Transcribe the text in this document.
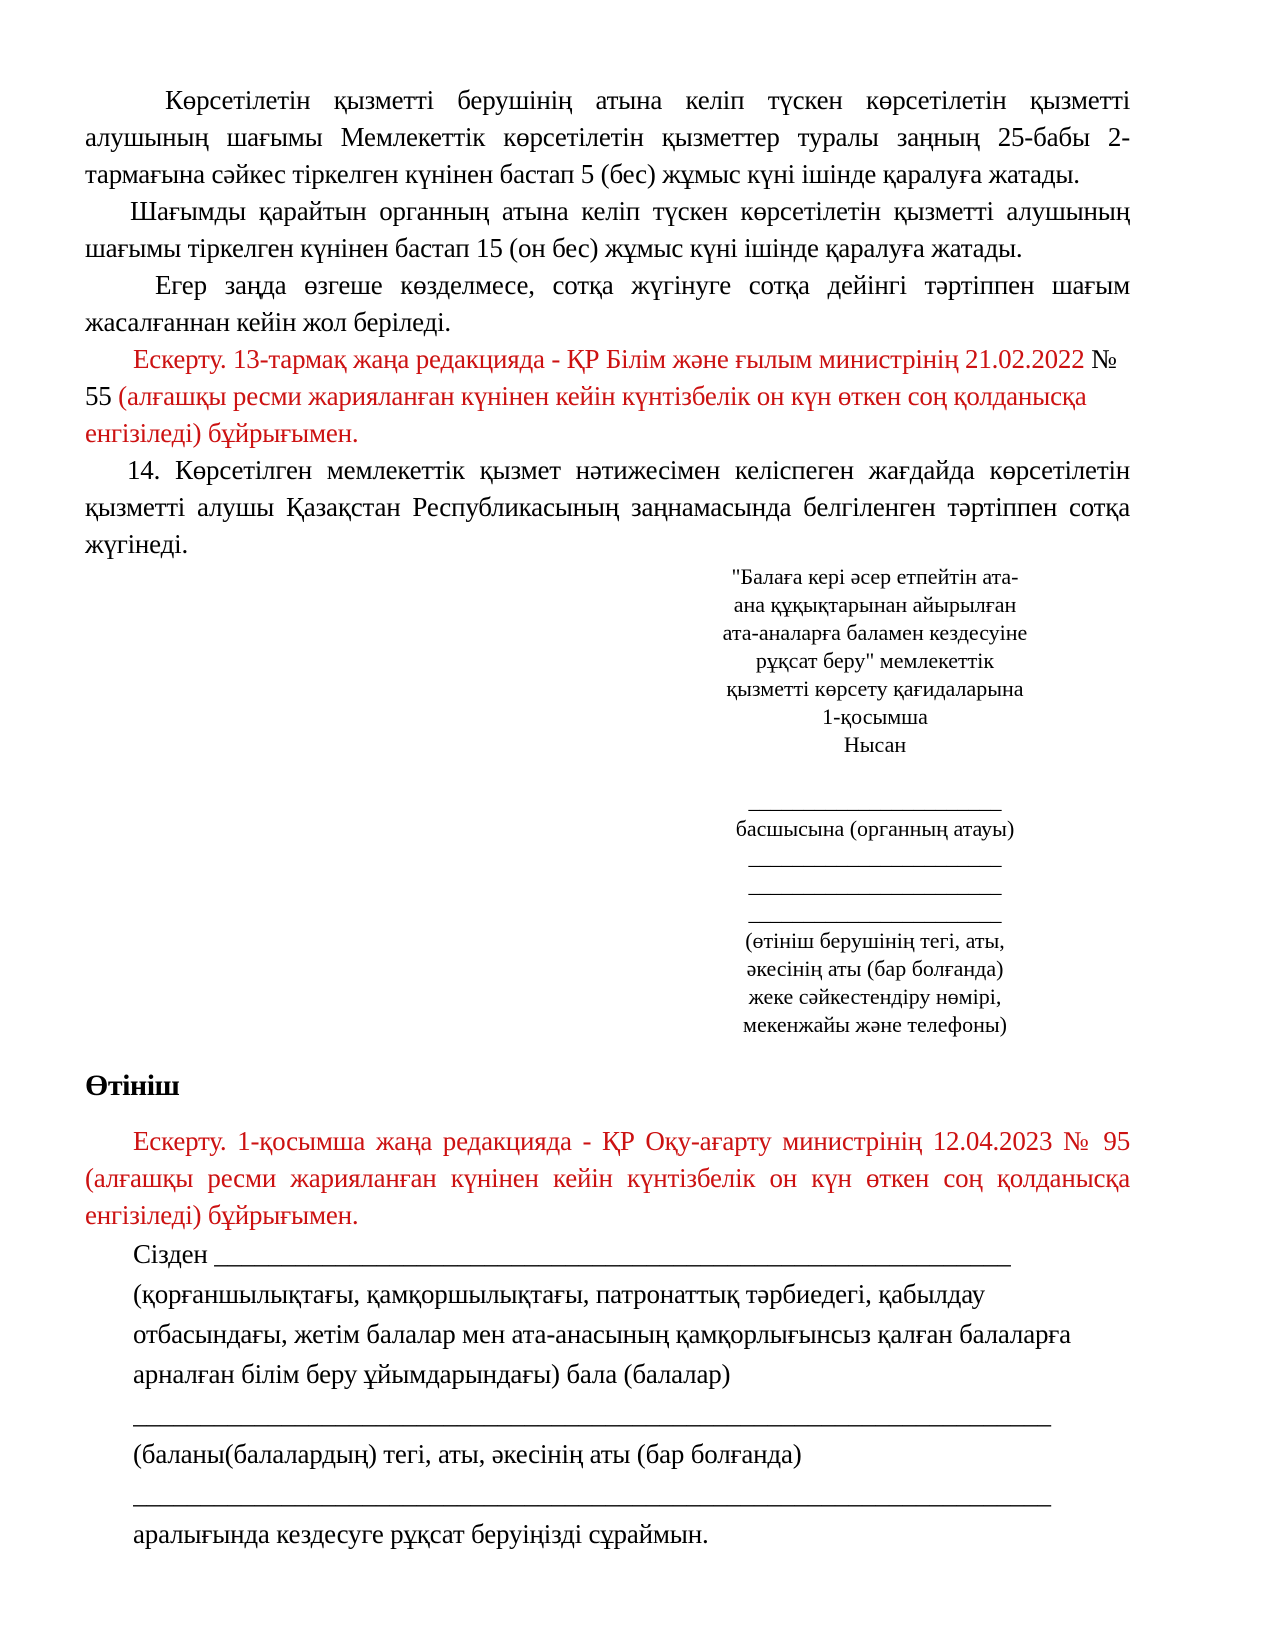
Көрсетілетін қызметті берушінің атына келіп түскен көрсетілетін қызметті алушының шағымы Мемлекеттік көрсетілетін қызметтер туралы заңның 25-бабы 2-тармағына сәйкес тіркелген күнінен бастап 5 (бес) жұмыс күні ішінде қаралуға жатады.

Шағымды қарайтын органның атына келіп түскен көрсетілетін қызметті алушының шағымы тіркелген күнінен бастап 15 (он бес) жұмыс күні ішінде қаралуға жатады.

Егер заңда өзгеше көзделмесе, сотқа жүгінуге сотқа дейінгі тәртіппен шағым жасалғаннан кейін жол беріледі.

Ескерту. 13-тармақ жаңа редакцияда - ҚР Білім және ғылым министрінің 21.02.2022 № 55 (алғашқы ресми жарияланған күнінен кейін күнтізбелік он күн өткен соң қолданысқа енгізіледі) бұйрығымен.

14. Көрсетілген мемлекеттік қызмет нәтижесімен келіспеген жағдайда көрсетілетін қызметті алушы Қазақстан Республикасының заңнамасында белгіленген тәртіппен сотқа жүгінеді.

"Балаға кері әсер етпейтін ата-
ана құқықтарынан айырылған
ата-аналарға баламен кездесуіне
рұқсат беру" мемлекеттік
қызметті көрсету қағидаларына
1-қосымша
Нысан
_______________________
басшысына (органның атауы)
_______________________
_______________________
_______________________
(өтініш берушінің тегі, аты,
әкесінің аты (бар болғанда)
жеке сәйкестендіру нөмірі,
мекенжайы және телефоны)
Өтініш

Ескерту. 1-қосымша жаңа редакцияда - ҚР Оқу-ағарту министрінің 12.04.2023 № 95 (алғашқы ресми жарияланған күнінен кейін күнтізбелік он күн өткен соң қолданысқа енгізіледі) бұйрығымен.

Сізден ___________________________________________________________

(қорғаншылықтағы, қамқоршылықтағы, патронаттық тәрбиедегі, қабылдау отбасындағы, жетім балалар мен ата-анасының қамқорлығынсыз қалған балаларға арналған білім беру ұйымдарындағы) бала (балалар)

____________________________________________________________________
(баланы(балалардың) тегі, аты, әкесінің аты (бар болғанда)
____________________________________________________________________
аралығында кездесуге рұқсат беруіңізді сұраймын.
